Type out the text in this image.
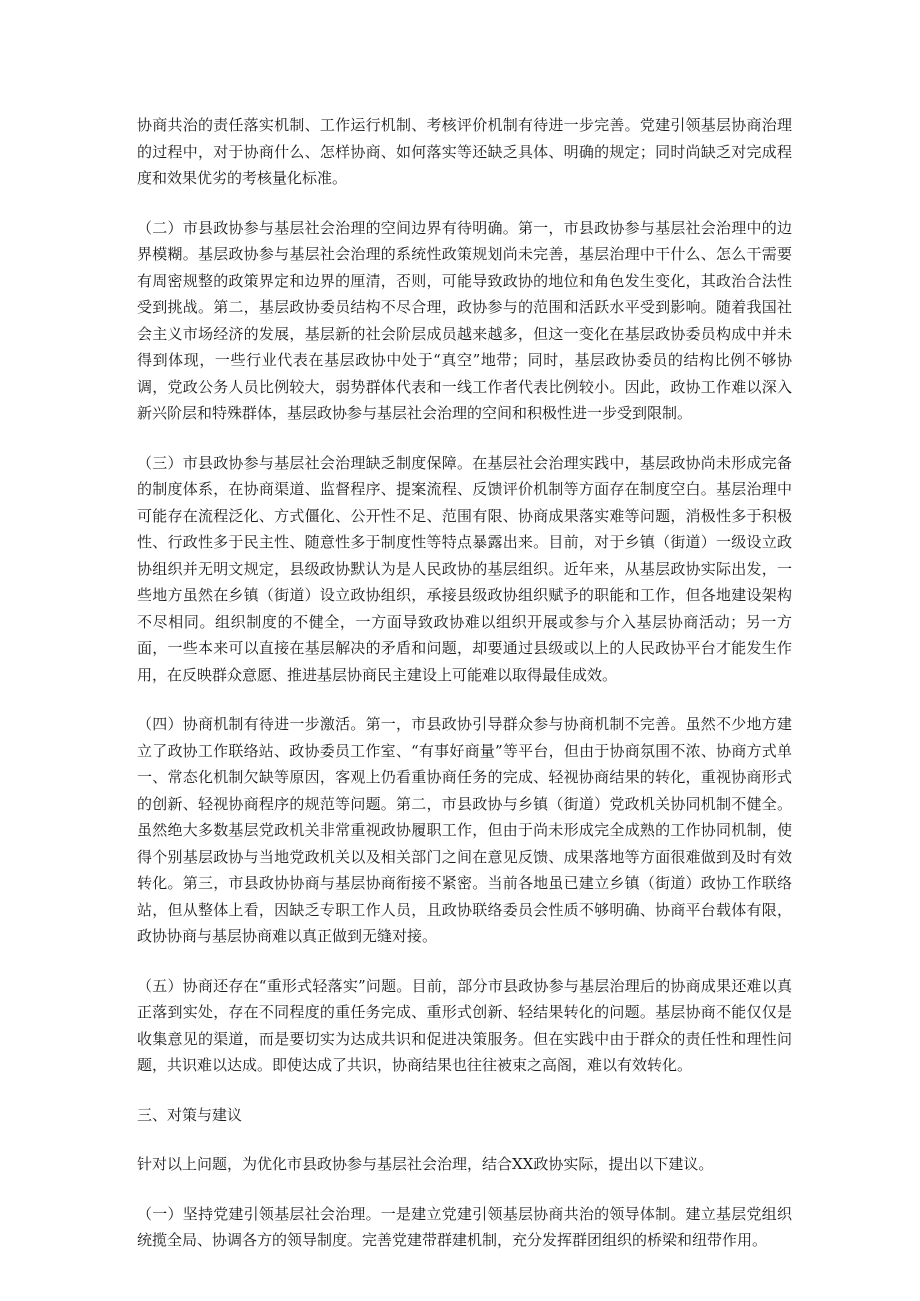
协商共治的责任落实机制、工作运行机制、考核评价机制有待进一步完善。党建引领基层协商治理的过程中，对于协商什么、怎样协商、如何落实等还缺乏具体、明确的规定；同时尚缺乏对完成程度和效果优劣的考核量化标准。

（二）市县政协参与基层社会治理的空间边界有待明确。第一，市县政协参与基层社会治理中的边界模糊。基层政协参与基层社会治理的系统性政策规划尚未完善，基层治理中干什么、怎么干需要有周密规整的政策界定和边界的厘清，否则，可能导致政协的地位和角色发生变化，其政治合法性受到挑战。第二，基层政协委员结构不尽合理，政协参与的范围和活跃水平受到影响。随着我国社会主义市场经济的发展，基层新的社会阶层成员越来越多，但这一变化在基层政协委员构成中并未得到体现，一些行业代表在基层政协中处于“真空”地带；同时，基层政协委员的结构比例不够协调，党政公务人员比例较大，弱势群体代表和一线工作者代表比例较小。因此，政协工作难以深入新兴阶层和特殊群体，基层政协参与基层社会治理的空间和积极性进一步受到限制。

（三）市县政协参与基层社会治理缺乏制度保障。在基层社会治理实践中，基层政协尚未形成完备的制度体系，在协商渠道、监督程序、提案流程、反馈评价机制等方面存在制度空白。基层治理中可能存在流程泛化、方式僵化、公开性不足、范围有限、协商成果落实难等问题，消极性多于积极性、行政性多于民主性、随意性多于制度性等特点暴露出来。目前，对于乡镇（街道）一级设立政协组织并无明文规定，县级政协默认为是人民政协的基层组织。近年来，从基层政协实际出发，一些地方虽然在乡镇（街道）设立政协组织，承接县级政协组织赋予的职能和工作，但各地建设架构不尽相同。组织制度的不健全，一方面导致政协难以组织开展或参与介入基层协商活动；另一方面，一些本来可以直接在基层解决的矛盾和问题，却要通过县级或以上的人民政协平台才能发生作用，在反映群众意愿、推进基层协商民主建设上可能难以取得最佳成效。

（四）协商机制有待进一步激活。第一，市县政协引导群众参与协商机制不完善。虽然不少地方建立了政协工作联络站、政协委员工作室、“有事好商量”等平台，但由于协商氛围不浓、协商方式单一、常态化机制欠缺等原因，客观上仍看重协商任务的完成、轻视协商结果的转化，重视协商形式的创新、轻视协商程序的规范等问题。第二，市县政协与乡镇（街道）党政机关协同机制不健全。虽然绝大多数基层党政机关非常重视政协履职工作，但由于尚未形成完全成熟的工作协同机制，使得个别基层政协与当地党政机关以及相关部门之间在意见反馈、成果落地等方面很难做到及时有效转化。第三，市县政协协商与基层协商衔接不紧密。当前各地虽已建立乡镇（街道）政协工作联络站，但从整体上看，因缺乏专职工作人员，且政协联络委员会性质不够明确、协商平台载体有限，政协协商与基层协商难以真正做到无缝对接。

（五）协商还存在“重形式轻落实”问题。目前，部分市县政协参与基层治理后的协商成果还难以真正落到实处，存在不同程度的重任务完成、重形式创新、轻结果转化的问题。基层协商不能仅仅是收集意见的渠道，而是要切实为达成共识和促进决策服务。但在实践中由于群众的责任性和理性问题，共识难以达成。即使达成了共识，协商结果也往往被束之高阁，难以有效转化。

三、对策与建议

针对以上问题，为优化市县政协参与基层社会治理，结合XX政协实际，提出以下建议。

（一）坚持党建引领基层社会治理。一是建立党建引领基层协商共治的领导体制。建立基层党组织统揽全局、协调各方的领导制度。完善党建带群建机制，充分发挥群团组织的桥梁和纽带作用。
